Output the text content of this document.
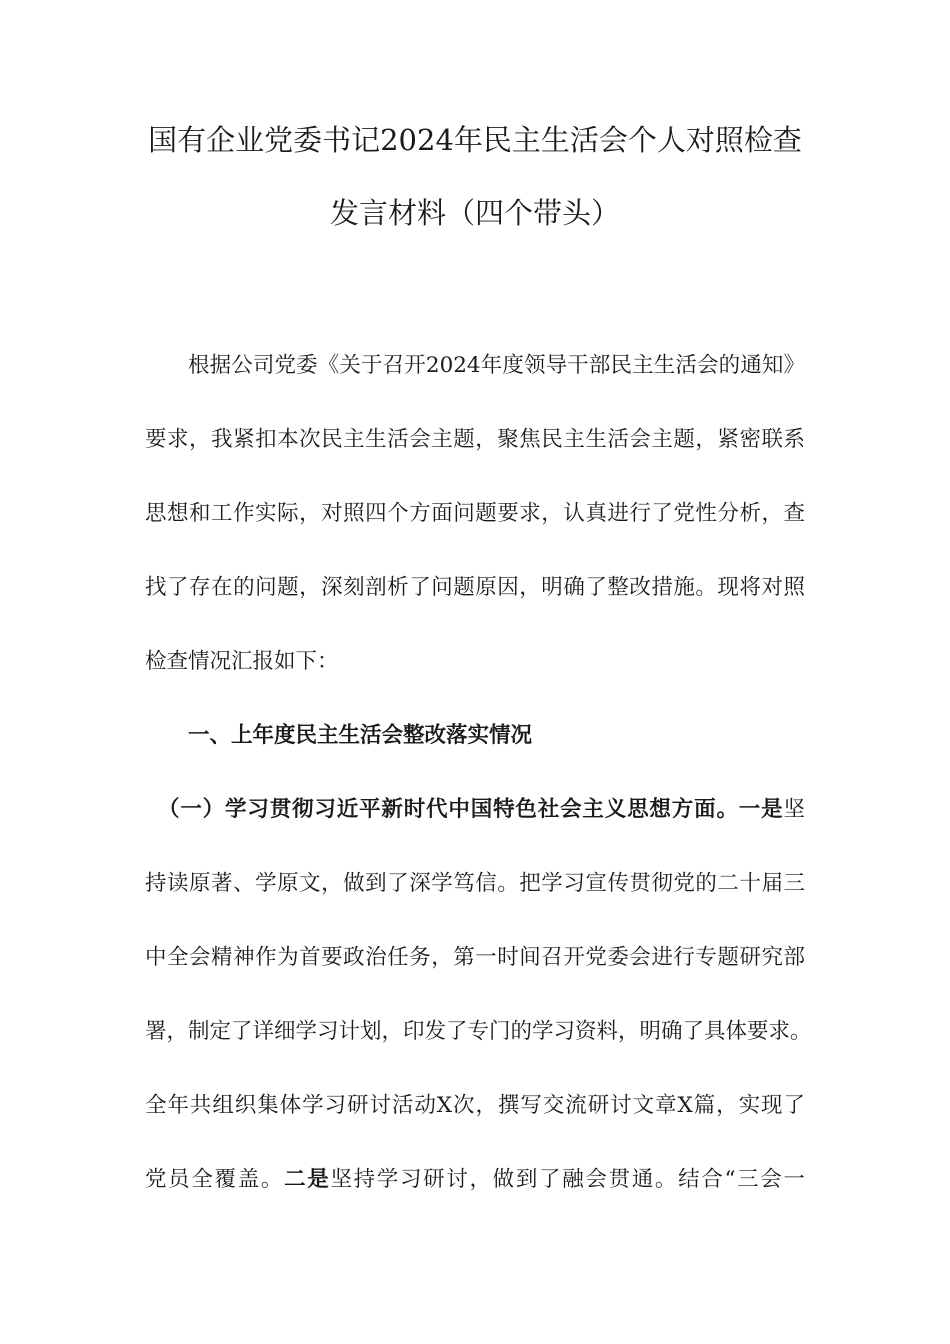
国有企业党委书记2024年民主生活会个人对照检查
发言材料（四个带头）
根据公司党委《关于召开2024年度领导干部民主生活会的通知》
要求，我紧扣本次民主生活会主题，聚焦民主生活会主题，紧密联系
思想和工作实际，对照四个方面问题要求，认真进行了党性分析，查
找了存在的问题，深刻剖析了问题原因，明确了整改措施。现将对照
检查情况汇报如下：
一、上年度民主生活会整改落实情况
（一）学习贯彻习近平新时代中国特色社会主义思想方面。一是坚
持读原著、学原文，做到了深学笃信。把学习宣传贯彻党的二十届三
中全会精神作为首要政治任务，第一时间召开党委会进行专题研究部
署，制定了详细学习计划，印发了专门的学习资料，明确了具体要求。
全年共组织集体学习研讨活动X次，撰写交流研讨文章X篇，实现了
党员全覆盖。二是坚持学习研讨，做到了融会贯通。结合“三会一
